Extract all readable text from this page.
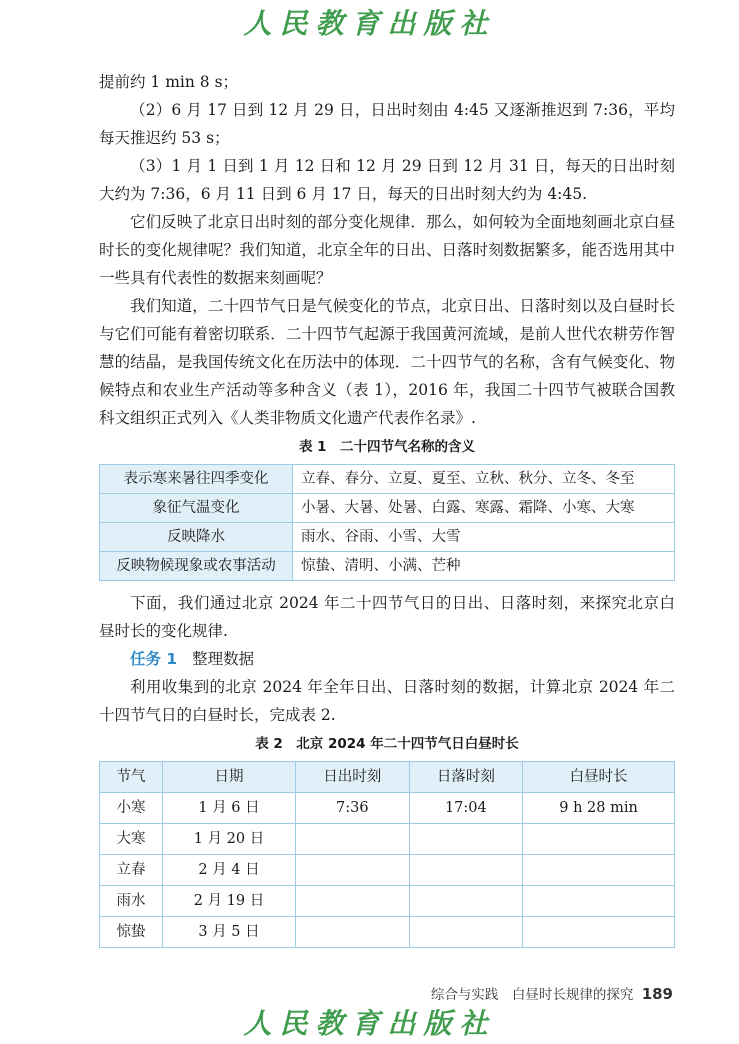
人民教育出版社

提前约 1 min 8 s；

（2）6 月 17 日到 12 月 29 日，日出时刻由 4:45 又逐渐推迟到 7:36，平均每天推迟约 53 s；

（3）1 月 1 日到 1 月 12 日和 12 月 29 日到 12 月 31 日，每天的日出时刻大约为 7:36，6 月 11 日到 6 月 17 日，每天的日出时刻大约为 4:45.

它们反映了北京日出时刻的部分变化规律．那么，如何较为全面地刻画北京白昼时长的变化规律呢？我们知道，北京全年的日出、日落时刻数据繁多，能否选用其中一些具有代表性的数据来刻画呢？

我们知道，二十四节气日是气候变化的节点，北京日出、日落时刻以及白昼时长与它们可能有着密切联系．二十四节气起源于我国黄河流域，是前人世代农耕劳作智慧的结晶，是我国传统文化在历法中的体现．二十四节气的名称，含有气候变化、物候特点和农业生产活动等多种含义（表 1），2016 年，我国二十四节气被联合国教科文组织正式列入《人类非物质文化遗产代表作名录》.

表 1　二十四节气名称的含义
表示寒来暑往四季变化	立春、春分、立夏、夏至、立秋、秋分、立冬、冬至
象征气温变化	小暑、大暑、处暑、白露、寒露、霜降、小寒、大寒
反映降水	雨水、谷雨、小雪、大雪
反映物候现象或农事活动	惊蛰、清明、小满、芒种

下面，我们通过北京 2024 年二十四节气日的日出、日落时刻，来探究北京白昼时长的变化规律.

任务 1 整理数据

利用收集到的北京 2024 年全年日出、日落时刻的数据，计算北京 2024 年二十四节气日的白昼时长，完成表 2.

表 2　北京 2024 年二十四节气日白昼时长
节气	日期	日出时刻	日落时刻	白昼时长
小寒	1 月 6 日	7:36	17:04	9 h 28 min
大寒	1 月 20 日			
立春	2 月 4 日			
雨水	2 月 19 日			
惊蛰	3 月 5 日			
综合与实践　白昼时长规律的探究 189
人民教育出版社
